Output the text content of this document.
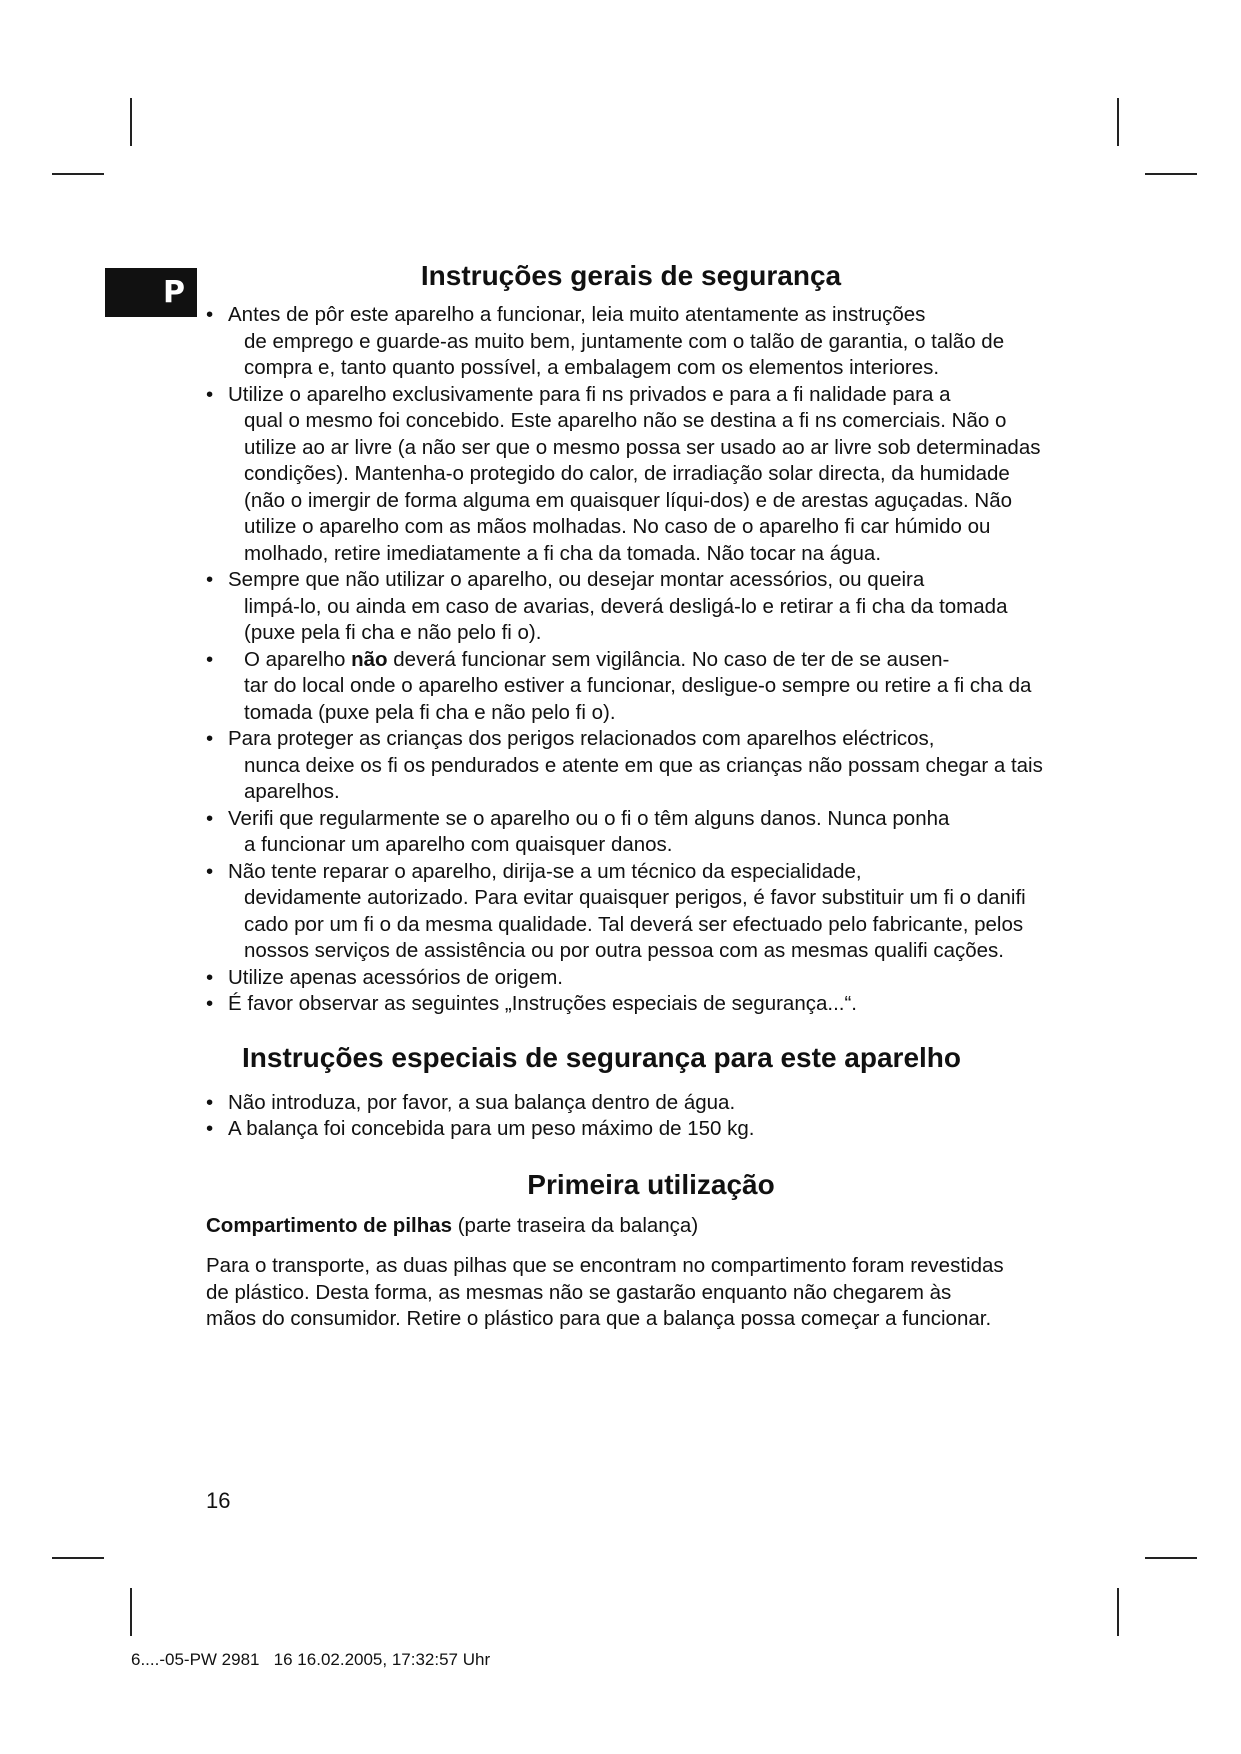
P	Instruções gerais de segurança
• Antes de pôr este aparelho a funcionar, leia muito atentamente as instruções
de emprego e guarde-as muito bem, juntamente com o talão de garantia, o talão de compra e, tanto quanto possível, a embalagem com os elementos interiores.
• Utilize o aparelho exclusivamente para fi ns privados e para a fi nalidade para a
qual o mesmo foi concebido. Este aparelho não se destina a fi ns comerciais. Não o utilize ao ar livre (a não ser que o mesmo possa ser usado ao ar livre sob determinadas condições). Mantenha-o protegido do calor, de irradiação solar directa, da humidade (não o imergir de forma alguma em quaisquer líqui-dos) e de arestas aguçadas. Não utilize o aparelho com as mãos molhadas. No caso de o aparelho fi car húmido ou molhado, retire imediatamente a fi cha da tomada. Não tocar na água.
• Sempre que não utilizar o aparelho, ou desejar montar acessórios, ou queira
limpá-lo, ou ainda em caso de avarias, deverá desligá-lo e retirar a fi cha da tomada (puxe pela fi cha e não pelo fi o).
•	O aparelho não deverá funcionar sem vigilância. No caso de ter de se ausen-
tar do local onde o aparelho estiver a funcionar, desligue-o sempre ou retire a fi cha da tomada (puxe pela fi cha e não pelo fi o).
• Para proteger as crianças dos perigos relacionados com aparelhos eléctricos,
nunca deixe os fi os pendurados e atente em que as crianças não possam chegar a tais aparelhos.
• Verifi que regularmente se o aparelho ou o fi o têm alguns danos. Nunca ponha
a funcionar um aparelho com quaisquer danos.
• Não tente reparar o aparelho, dirija-se a um técnico da especialidade,
devidamente autorizado. Para evitar quaisquer perigos, é favor substituir um fi o danifi cado por um fi o da mesma qualidade. Tal deverá ser efectuado pelo fabricante, pelos nossos serviços de assistência ou por outra pessoa com as mesmas qualifi cações.
• Utilize apenas acessórios de origem.
• É favor observar as seguintes „Instruções especiais de segurança...“.
Instruções especiais de segurança para este aparelho
• Não introduza, por favor, a sua balança dentro de água.
• A balança foi concebida para um peso máximo de 150 kg.
Primeira utilização

Compartimento de pilhas (parte traseira da balança)

Para o transporte, as duas pilhas que se encontram no compartimento foram revestidas de plástico. Desta forma, as mesmas não se gastarão enquanto não chegarem às mãos do consumidor. Retire o plástico para que a balança possa começar a funcionar.

16
6....-05-PW 2981   16 16.02.2005, 17:32:57 Uhr
